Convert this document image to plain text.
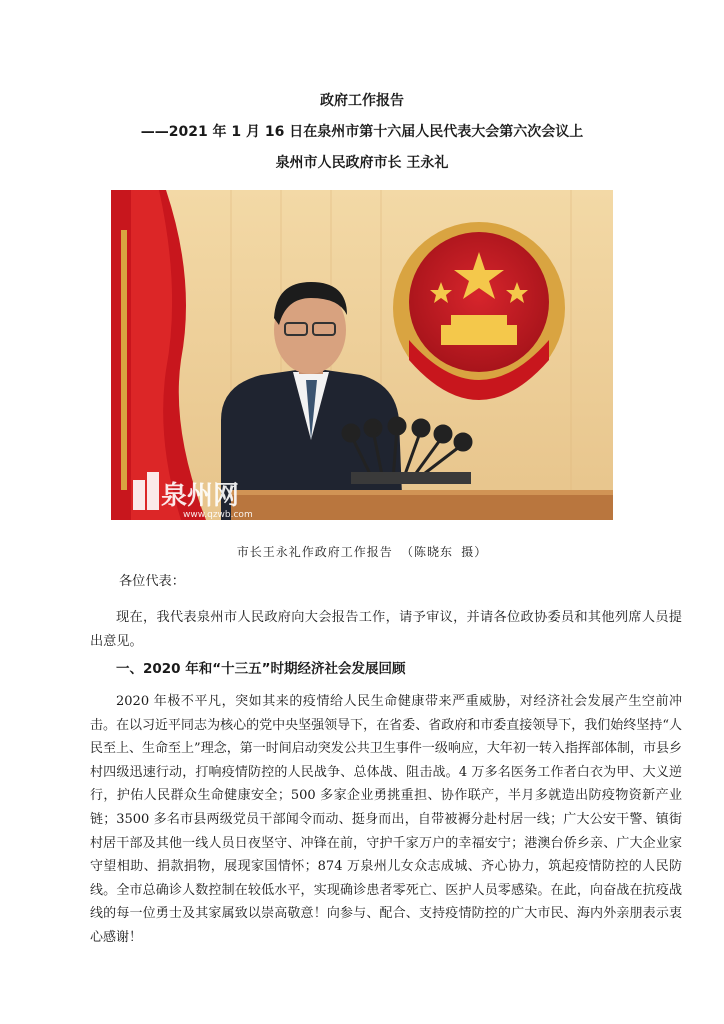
政府工作报告
——2021 年 1 月 16 日在泉州市第十六届人民代表大会第六次会议上
泉州市人民政府市长 王永礼
泉州网
www.qzwb.com
市长王永礼作政府工作报告 （陈晓东 摄）

各位代表：

现在，我代表泉州市人民政府向大会报告工作，请予审议，并请各位政协委员和其他列席人员提出意见。

一、2020 年和“十三五”时期经济社会发展回顾

2020 年极不平凡，突如其来的疫情给人民生命健康带来严重威胁，对经济社会发展产生空前冲击。在以习近平同志为核心的党中央坚强领导下，在省委、省政府和市委直接领导下，我们始终坚持“人民至上、生命至上”理念，第一时间启动突发公共卫生事件一级响应，大年初一转入指挥部体制，市县乡村四级迅速行动，打响疫情防控的人民战争、总体战、阻击战。4 万多名医务工作者白衣为甲、大义逆行，护佑人民群众生命健康安全；500 多家企业勇挑重担、协作联产，半月多就造出防疫物资新产业链；3500 多名市县两级党员干部闻令而动、挺身而出，自带被褥分赴村居一线；广大公安干警、镇街村居干部及其他一线人员日夜坚守、冲锋在前，守护千家万户的幸福安宁；港澳台侨乡亲、广大企业家守望相助、捐款捐物，展现家国情怀；874 万泉州儿女众志成城、齐心协力，筑起疫情防控的人民防线。全市总确诊人数控制在较低水平，实现确诊患者零死亡、医护人员零感染。在此，向奋战在抗疫战线的每一位勇士及其家属致以崇高敬意！向参与、配合、支持疫情防控的广大市民、海内外亲朋表示衷心感谢！
